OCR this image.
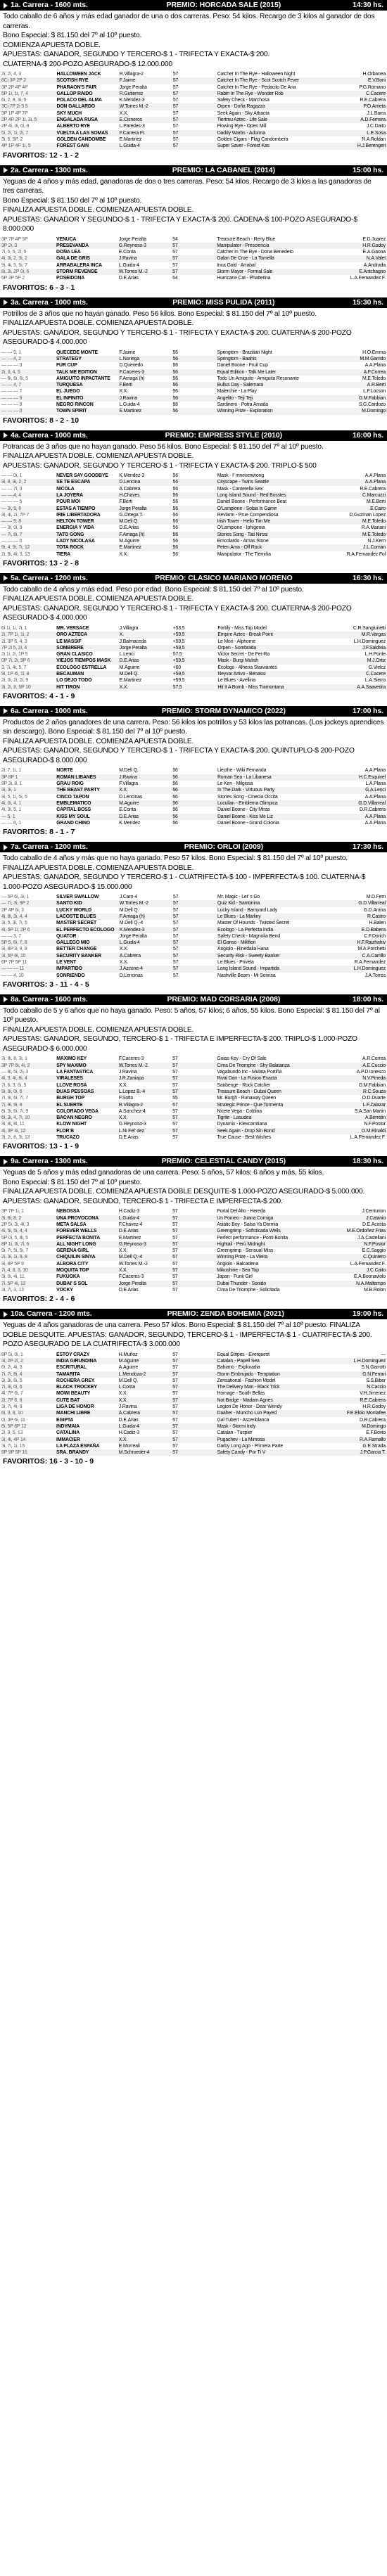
1a. Carrera - 1600 mts.	PREMIO: HORCADA SALE (2015)	14:30 hs.

Todo caballo de 6 años y más edad ganador de una o dos carreras. Peso: 54 kilos. Recargo de 3 kilos al ganador de dos carreras.

Bono Especial: $ 81.150 del 7º al 10º puesto.

COMIENZA APUESTA DOBLE.

APUESTAS: GANADOR, SEGUNDO Y TERCERO-$ 1 - TRIFECTA Y EXACTA-$ 200.

CUATERNA-$ 200-POZO ASEGURADO-$ 12.000.000

2i, 2i, 4, 3	HALLOWEEN JACK	R.Villagra-2	57	Catcher In The Rye - Halloween Night	H.Orbanea
8Ci 3P 2P 2	SCOTISH RYE	F.Jaime	57	Catcher In The Rye - Scot Scotch Fever	E.V.Boni
3P 2P 4P 4P	PHARAON'S FAIR	Jorge Peralta	57	Catcher In The Rye - Pedacito De Ana	P.G.Romano
5P 1i, 1i, 7, 4	GALLOP RAIDO	R.Gutierrez	57	Rabin In The Rye - Wonder Rob	C.Cacere
6i, 2, 8, 3i, 5	POLACO DEL ALMA	K.Mendez-3	57	Safety Check - Marchosa	R.E.Cabrera
3Ci 7P 2i 5 5	DON GALLARDO	W.Torres M.-2	57	Orpen - Doña Ragazza	P.O.Arrieta
3P 1P 4P 7P	SKY MUCH	X.X.	57	Seek Again - Sky Attracta	J.L.Barra
2P 4P 2P 1i, 3i, 5	ENGALADA RUSA	E.Cisneros	57	Tiertmu Aztec - Life Sale	A.D.Ferreira
2P 4i, 3i, 0i, 9	ALBERTO RYE	L.Paredes-3	57	Flowing Rye - Open Mill	J.C.Daito
5i, 2i, 1i, 2i, 7	VUELTA A LAS SOMAS	F.Carrera Fr.	57	Daddy Warbs - Adorma	L.E.Sosa
3i, 6, 5P, 2	GOLDEN CANDOMBE	E.Martinez	57	Golden Cigars - Flag Candombera	R.A.Roldan
4P 1P 4P 1i, 5	FOREST GAIN	L.Guida-4	57	Super Saver - Forest Kas	H.J.Berengeri
FAVORITOS: 12 - 1 - 2
2a. Carrera - 1300 mts.	PREMIO: LA CABANEL (2014)	15:00 hs.

Yeguas de 4 años y más edad, ganadoras de dos o tres carreras. Peso: 54 kilos. Recargo de 3 kilos a las ganadoras de tres carreras.

Bono Especial: $ 81.150 del 7º al 10º puesto.

FINALIZA APUESTA DOBLE. COMIENZA APUESTA DOBLE.

APUESTAS: GANADOR Y SEGUNDO-$ 1 - TRIFECTA Y EXACTA-$ 200. CADENA-$ 100-POZO ASEGURADO-$ 8.000.000

3P 7P 4P 5P	VENUCA	Jorge Peralta	54	Treasure Beach - Reny Blue	E.D.Juarez
3P 2i, 3	PRESEVANDA	G.Reynoso-3	57	Manipulator - Presciencia	H.R.Godoy
7i, 5, 5, 2i, 5	DOÑA LEA	E.Conta	57	Catcher In The Rye - Dona Benedeto	E.A.Gaona
4i, 3i, 2, 3i, 2	GALA DE GRIS	J.Ravina	57	Galan De Croe - La Tomella	N.A.Valet
9i, 4i, 5, 5i, 7	ARRABALERA INCA	L.Guida-4	57	Inca Gold - Arrabal	A.Andrada
8i, 3i, 2P 0i, 6	STORM REVENGE	W.Torres M.-2	57	Storm Mayor - Formal Sale	E.Antchagno
5P 3P 5P 2	POSEIDONA	D.E.Arias	54	Hurricane Cat - Phatterina	L.A.Fernandez F.
FAVORITOS: 6 - 3 - 1
3a. Carrera - 1000 mts.	PREMIO: MISS PULIDA (2011)	15:30 hs.

Potrillos de 3 años que no hayan ganado. Peso 56 kilos. Bono Especial: $ 81.150 del 7º al 10º puesto.

FINALIZA APUESTA DOBLE. COMIENZA APUESTA DOBLE.

APUESTAS: GANADOR, SEGUNDO Y TERCERO-$ 1 - TRIFECTA Y EXACTA-$ 200. CUATERNA-$ 200-POZO ASEGURADO-$ 4.000.000

— — 9, 1	QUECEDE MONTE	F.Jaime	56	Springtom - Brazilian Night	H.O.Emma
— — 4, 2	STRATEGY	L.Noriega	56	Springtom - Baahis	M.M.Garrido
— — — 3	FUR CUP	D.Quevedo	56	Daniel Boone - Fruit Cup	A.A.Plana
2i, 3, 4, 5	TALK ME EDITION	F.Caceres-3	56	Equal Edition - Talk Me Later	A.F.Correa
— 6i, 6i, 6i, 5	AMIGUITO INPACTANTE	F.Arriaga (h)	56	Todo Un Amiguito - Amiguita Resonante	M.E.Toledo
— — 4, 7	TURQUESA	F.Berti	56	Bullus Day - Salemara	A.R.Berti
— — — 7	EL JUEGO	X.X.	56	Malerchie - La Play	L.F.Locson
— — — 9	EL INFINITO	J.Ravina	56	Angelito - Teji Teji	G.M.Fabbian
— — — 9	NEGRO RINCON	L.Guida-4	56	Sardinero - Potra Amada	S.G.Cardozo
— — — 0	TOWN SPIRIT	E.Martinez	56	Winning Prize - Exploration	M.Domingo
FAVORITOS: 8 - 2 - 10
4a. Carrera - 1000 mts.	PREMIO: EMPRESS STYLE (2010)	16:00 hs.

Potrancas de 3 años que no hayan ganado. Peso 56 kilos. Bono Especial: $ 81.150 del 7º al 10º puesto.

FINALIZA APUESTA DOBLE. COMIENZA APUESTA DOBLE.

APUESTAS: GANADOR, SEGUNDO Y TERCERO-$ 1 - TRIFECTA Y EXACTA-$ 200. TRIPLO-$ 500

— — 0i, 1	NEVER SAY GOODBYE	K.Mendez-3	56	Mask - I' mneverwrong	A.A.Plana
3i, 8, 3i, 2, 2	SE TE ESCAPA	D.Lencina	56	Cityscape - Twins Seattle	A.A.Plana
— — 7i, 3	NICOLA	A.Cabrera	56	Mask - Canterella Sex	R.E.Cabrera
— — 4, 4	LA JOYERA	H.Chaves	56	Long Island Sound - Red Bosstes	C.Marcuzzi
— — — 5	POUR MOI	F.Berti	56	Daniel Boone - Performance Beat	M.E.Berti
— 3i, 9, 6	ESTAS A TIEMPO	Jorge Peralta	56	O'Lampione - Sobia Is Game	E.Cairo
3i, 4i, 2i, 7P 7	IRIE LIBERTADORA	G.Ortega T.	56	Revlarm - Prue Compendiosa	D.Guzman Lopez
— — 9, 8	HELTON TOWER	M.Dell Q.	56	Irish Tower - Hello Tim Me	M.E.Toledo
— 3i, 0i, 9	ENERGIA Y VIDA	D.E.Arias	56	O'Lampione - Iphigenia	R.A.Mariani
— 7i, 8i, 7	TATO GONG	F.Arriaga (h)	56	Stories Song - Tati Nirosi	M.E.Toledo
— — — 0	LADY NICOLASA	M.Aguirre	56	Emcolardo - Amas Stone	N.J.Kern
9i, 4, 9i, 7i, 12	TOTA ROCK	E.Martinez	56	Peten Arva - Off Rock	J.L.Coman
2i, 8i, 4i, 3, 13	TIERA	X.X.	56	Manipulator - The Tiemiña	R.A.Fernandez Fol
FAVORITOS: 13 - 2 - 8
5a. Carrera - 1200 mts.	PREMIO: CLASICO MARIANO MORENO	16:30 hs.

Todo caballo de 4 años y más edad. Peso por edad. Bono Especial: $ 81.150 del 7º al 10º puesto.

FINALIZA APUESTA DOBLE. COMIENZA APUESTA DOBLE.

APUESTAS: GANADOR, SEGUNDO Y TERCERO-$ 1 - TRIFECTA Y EXACTA-$ 200. CUATERNA-$ 200-POZO ASEGURADO-$ 4.000.000

6i 1i, 1i, 7i, 1	MR. VERSACE	J.Villagra	+53,5	Fortify - Miss Top Model	C.R.Sangiunetti
2i, 7P 1i, 1i, 2	ORO AZTECA	X.	+59,5	Empire Aztec - Break Point	M.R.Vargas
2i, 3P 5, 4, 3	LE MASSIF	J.Balmaceda	+59,5	Le Mon - Alphorne	L.H.Dominguez
7P 2i 5, 2i, 4	SOMBRERE	Jorge Peralta	+59,5	Orpen - Sombrada	J.F.Saldivia
2i 1i, 2i, 1P 5	GRAN CLASICO	L.Lenci	57,5	Victor Secret - De Fer-Ra	L.H.Ponte
0P 7i, 2i, 9P 6	VIEJOS TIEMPOS MASK	D.E.Arias	+59,5	Mask - Burgi Mulish	M.J.Ortiz
3, 7i, 4i, 5, 7	ECOLOGO ESTRELLA	M.Aguirre	+60	Ecologo - Alhena Starwantes	G.Vielcz
9i, 1P 4i, 1i, 8	BECAUMAN	M.Dell Q.	+59,5	Neyvar Artivo - Benassi	C.Cacere
2i, 0i, 2i, 2i, 9	LO DEJO TODO	E.Martinez	+59,5	Le Blues - Avellina	L.A.Sierra
3i, 2i, 8, 5P 10	HIT TIRON	X.X.	57,5	Hit It A Bomb - Miss Tramontana	A.A.Saavedra
FAVORITOS: 4 - 1 - 9
6a. Carrera - 1000 mts.	PREMIO: STORM DYNAMICO (2022)	17:00 hs.

Productos de 2 años ganadores de una carrera. Peso: 56 kilos los potrillos y 53 kilos las potrancas. (Los jockeys aprendices sin descargo). Bono Especial: $ 81.150 del 7º al 10º puesto.

FINALIZA APUESTA DOBLE. COMIENZA APUESTA DOBLE.

APUESTAS: GANADOR, SEGUNDO Y TERCERO-$ 1 - TRIFECTA Y EXACTA-$ 200. QUINTUPLO-$ 200-POZO ASEGURADO-$ 8.000.000

2i, 7, 1i, 1	NORTE	M.Dell Q.	56	Liecthe - Wiki Fernanda	A.A.Plana
3P 8P 1	ROMAN LIBANES	J.Ravina	56	Roman Sea - La Libanesa	H.C.Esquivel
9P 3i, 8, 1	GRAU ROIG	F.Villagra	56	Le Ken - Milgissa	L.A.Plana
3i, 3i, 1	THE BEAST PARTY	X.X.	56	In The Dark - Virtuous Party	G.A.Lenci
3i, 5, 1i, 5i, 5	CINCO TAPON	D.Lencinas	56	Stories Song - Cinecia Occita	A.A.Plana
4i, 0i, 4, 1	EMBLEMATICO	M.Aguirre	56	Lucullan - Emblema Olimpica	G.D.Villarreal
4i, 3i, 5, 1	CAPITAL BOSS	E.Conta	56	Daniel Boone - City Mirza	D.R.Cabrera
— 5, 1	KISS MY SOUL	D.E.Arias	56	Daniel Boone - Kiss Me Liz	A.A.Plana
— — 8, 1	GRAND CHINO	K.Mendez	56	Daniel Boone - Grand Colonia	A.A.Plana
FAVORITOS: 8 - 1 - 7
7a. Carrera - 1200 mts.	PREMIO: ORLOI (2009)	17:30 hs.

Todo caballo de 4 años y más que no haya ganado. Peso 57 kilos. Bono Especial: $ 81.150 del 7º al 10º puesto.

FINALIZA APUESTA DOBLE. COMIENZA APUESTA DOBLE.

APUESTAS: GANADOR, SEGUNDO Y TERCERO-$ 1 - CUATRIFECTA-$ 100 - IMPERFECTA-$ 100. CUATERNA-$ 1.000-POZO ASEGURADO-$ 15.000.000

— 5P 6i, 3i, 1	SILVER SWALLOW	J.Caro-4	57	Mr. Magic - Let' s Go	M.D.Ferri
— 7i, 3i, 9P 2	SANTO KID	W.Torres M.-2	57	Quiz Kid - Santonina	G.D.Villarreal
2P 4P 6i, 3	LUCKY WORLD	M.Dell Q.	57	Lucky Island - Barnyard Lady	G.D.Arana
4i, 8i, 3i, 4, 4	LACOSTE BLUES	F.Arriaga (h)	57	Le Blues - La Marliny	R.Castro
3i, 5, 3i, 7i, 5	MASTER SECRET	M.Dell Q.-4	57	Master Of Hounds - Twisted Secret	H.Balen
4i, 5P 1i, 2P 6	EL PERFECTO ECOLOGO	K.Mendez-3	57	Ecologo - La Perfecta India	E.D.Babera
— — 3, 7	QUATOR	Jorge Peralta	57	Safety Check - Magnolia Bend	C.F.Dorich
5P 5, 6i, 7, 8	GALLEGO MIO	L.Guida-4	57	El Ganso - Millifiori	H.F.Raizhahiv
3i, 8P 3, 9, 9	BETTER CHANGE	X.X.	57	Angiolo - Rinedalia Hana	M.A.Porchetti
3i, 6P 9i, 10	SECURITY BANKER	A.Cabrera	57	Security Risk - Sweety Banker	C.A.Carrillo
6P 7P 5P 11	LE VENT	X.X.	57	Le Blues - Priveta	R.A.Fernandez
— — — 11	IMPARTIDO	J.Azcone-4	57	Long Island Sound - Impartida	L.H.Dominguez
— — 4, 10	SONRIENDO	D.Lencinas	57	Nashville Beam - Mi Sonrisa	J.A.Torres
FAVORITOS: 3 - 11 - 4 - 5
8a. Carrera - 1600 mts.	PREMIO: MAD CORSARIA (2008)	18:00 hs.

Todo caballo de 5 y 6 años que no haya ganado. Peso: 5 años, 57 kilos; 6 años, 55 kilos. Bono Especial: $ 81.150 del 7º al 10º puesto.

FINALIZA APUESTA DOBLE. COMIENZA APUESTA DOBLE.

APUESTAS: GANADOR, SEGUNDO, TERCERO-$ 1 - TRIFECTA E IMPERFECTA-$ 200. TRIPLO-$ 1.000-POZO ASEGURADO-$ 6.000.000

3i, 8i, 8, 3i, 1	MAXIMO KEY	F.Caceres-3	57	Goias Key - Cry Of Sale	A.R.Correa
3P 7P 6i, 4i, 2	SPY MAXIMO	W.Torres M.-2	57	Cima De Triomphe - Shy Balatanza	A.E.Cuccio
— 8i, 5i, 2i, 3	LA FANTASTICA	J.Ravina	57	Vagabundo Inc - Mulata Portiña	A.P.D.Ionesco
4i, 3, 4i, 8i, 4	VIRALESES	J.R.Zaniapa	57	Rival Dan - La Fusion Exacta	N.V.Pineda
7i, 6, 3, 6i, 5	LLOVE ROSA	X.X.	57	Sanbenge - Rock Catcher	G.M.Fabbian
9i, 6i, 0i, 6	DUAS PESSOAS	L.Lopez B.-4	57	Treasure Beach - Dubai Queen	R.C.Souza
7i, 9i, 6i, 7i, 7	BURGH TOP	F.Sotto	55	Mr. Burgh - Runaway Queen	O.D.Duarte
7i, 9i, 9i, 8	EL SUERTE	R.Villagra-2	57	Strategic Prince - Que Tormenta	L.F.Zalazar
8i, 3i, 6i, 7i, 9	COLORADO VEGA	A.Sanchez-4	57	Nicete Vega - Coldina	S.A.San Martin
6i, 3i, 4, 7i, 10	BACAN NEGRO	X.X.	57	Tigrite - Lasudea	A.Berretin
3i, 8i, 8i, 11	KLOW NIGHT	G.Reynoso-3	57	Dynamix - Klexcamtiana	N.F.Postor
4i, 3P 4i, 12	FLOR B	L.Ni Fel' dez	57	Seek Again - Drop Sin Bond	O.M.Rinaldi
3i, 2i, 8, 3i, 13	TRUCAZO	D.E.Arias	57	True Cause - Best Wishes	L.A.Fernandez F.
FAVORITOS: 13 - 1 - 9
9a. Carrera - 1300 mts.	PREMIO: CELESTIAL CANDY (2015)	18:30 hs.

Yeguas de 5 años y más edad ganadoras de una carrera. Peso: 5 años, 57 kilos; 6 años y más, 55 kilos.

Bono Especial: $ 81.150 del 7º al 10º puesto.

FINALIZA APUESTA DOBLE. COMIENZA APUESTA DOBLE DESQUITE-$ 1.000-POZO ASEGURADO-$ 5.000.000. APUESTAS: GANADOR, SEGUNDO, TERCERO-$ 1 - TRIFECTA E IMPERFECTA-$ 200.

3P 7P 1i, 1	NEBOSSA	H.Cadiz-3	57	Portal Del Alto - Hereda	J.Centurion
3i, 8i, 8, 2	UNA PROVOCONA	L.Guida-4	57	Un Pomeo - Juana Corniga	J.Catanio
2P 5i, 3i, 4i, 3	META SALSA	F.Chavez-4	57	Asiatic Boy - Salsa Ya Dormia	D.E.Acosta
4i, 5i, 5i, 4, 4	FOREVER WELLS	D.E.Arias	57	Greengrimp - Sofisticada Wells	M.E.Ordoñez Frias
5P 0i, 5, 8i, 5	PERFECTA BONITA	E.Martinez	57	Perfect performance - Ponti Bonita	J.A.Castellani
8P 1i, 3i, 7i, 6	ALL NIGHT LONG	G.Reynoso-3	57	Hightail - Perú Midnight	N.F.Postor
9i, 7i, 5i, 5i, 7	GERENA GIRL	X.X.	57	Greengrimp - Sensual Miss	E.C.Saggio
2i, 3i, 1i, 9, 8	CHIQUILIN SINYA	M.Dell Q.-4	57	Winning Prize - La Vieira	C.Quintero
3i, 8P 5P 9	ALBORA CITY	W.Torres M.-2	57	Angiolo - Balcadena	L.A.Fernandez F.
7i, 4, 8, 3, 10	MOQUITA TOP	X.X.	57	Mikoshine - Sea Top	J.C.Caito
3i, 0i, 4i, 11	FUKUOKA	F.Caceres-3	57	Japan - Funk Girl	E.A.Boonaviolo
7i, 5P 4i, 12	DUBAI' S SOL	Jorge Peralta	57	Dubai Thunder - Sonido	N.A.Maltempo
3i, 7i, 3, 13	VOCKY	D.E.Arias	57	Cima De Triomphe - Solicitada	M.B.Rolon
FAVORITOS: 2 - 4 - 6
10a. Carrera - 1200 mts.	PREMIO: ZENDA BOHEMIA (2021)	19:00 hs.

Yeguas de 4 años ganadoras de una carrera. Peso 57 kilos. Bono Especial: $ 81.150 del 7º al 10º puesto. FINALIZA DOBLE DESQUITE. APUESTAS: GANADOR, SEGUNDO, TERCERO-$ 1 - IMPERFECTA-$ 1 - CUATRIFECTA-$ 200. POZO ASEGURADO DE LA CUATRIFECTA-$ 3.000.000

8P 5i, 0i, 1	ESTOY CRAZY	H.Muñoz	57	Equal Stripes - Everquest	—
3i, 2P 2i, 2	INDIA GIRUNDINA	M.Aguirre	57	Catalan - Papell Sea	L.H.Dominguez
6i, 2i, 4i, 3	ESCRITURAL	A.Aguirre	57	Bahiano - Exploradia	S.N.Garrotti
7i, 7i, 8i, 4	TAMARITA	L.Mendoza-2	57	Storm Embrujado - Temptation	G.N.Ferrari
3i, 9i, 6i, 5	ROCHERA GREY	M.Dell Q.	57	Zensational - Fashion Model	S.S.Biber
7i, 3i, 0i, 6	BLACK TROCKEY	L.Conta	57	The Delivery Man - Black Trick	N.Caccio
4i, 7P 6i, 7	MOWI BEAUTY	X.X.	57	Homage - South Bellas	V.H.Jimenez
2i, 7P 6, 8	CUTE BAT	X.X.	57	Not Bridge - Madam Agnes	R.E.Cabrera
3i, 7i, 4i, 9	LIGA DE HONOR	J.Ravina	57	Legion De Honor - Dear Wendy	H.R.Godoy
6i, 3, 8, 10	MANCHI LIBRE	A.Cabrera	57	Daaher - Muncho Lun Payed	F.E.Eloio Montafee
0i, 3P 6i, 11	EGIPTA	D.E.Arias	57	Gal Tubert - Ascenblanca	D.R.Cabrera
8i, 5P 6P 12	INDYMAIA	L.Guida-4	57	Mask - Stormi Indy	M.Domingo
2i, 9, 5, 13	CATALINA	H.Cadiz-3	57	Catalan - Tuspier	E.F.Bovio
3i, 4i, 4P 14	IMMACIER	X.X.	57	Pugachev - La Mimosa	R.A.Ramallo
3i, 7i, 1i, 15	LA PLAZA ESPAÑA	E.Morreali	57	Darby Long Ago - Primera Parte	G.E.Strada
5P 9P 5P 16	SRA. BRANDY	M.Schroeder-4	57	Safety Candy - Por Ti V	J.P.Garcia T.
FAVORITOS: 16 - 3 - 10 - 9
